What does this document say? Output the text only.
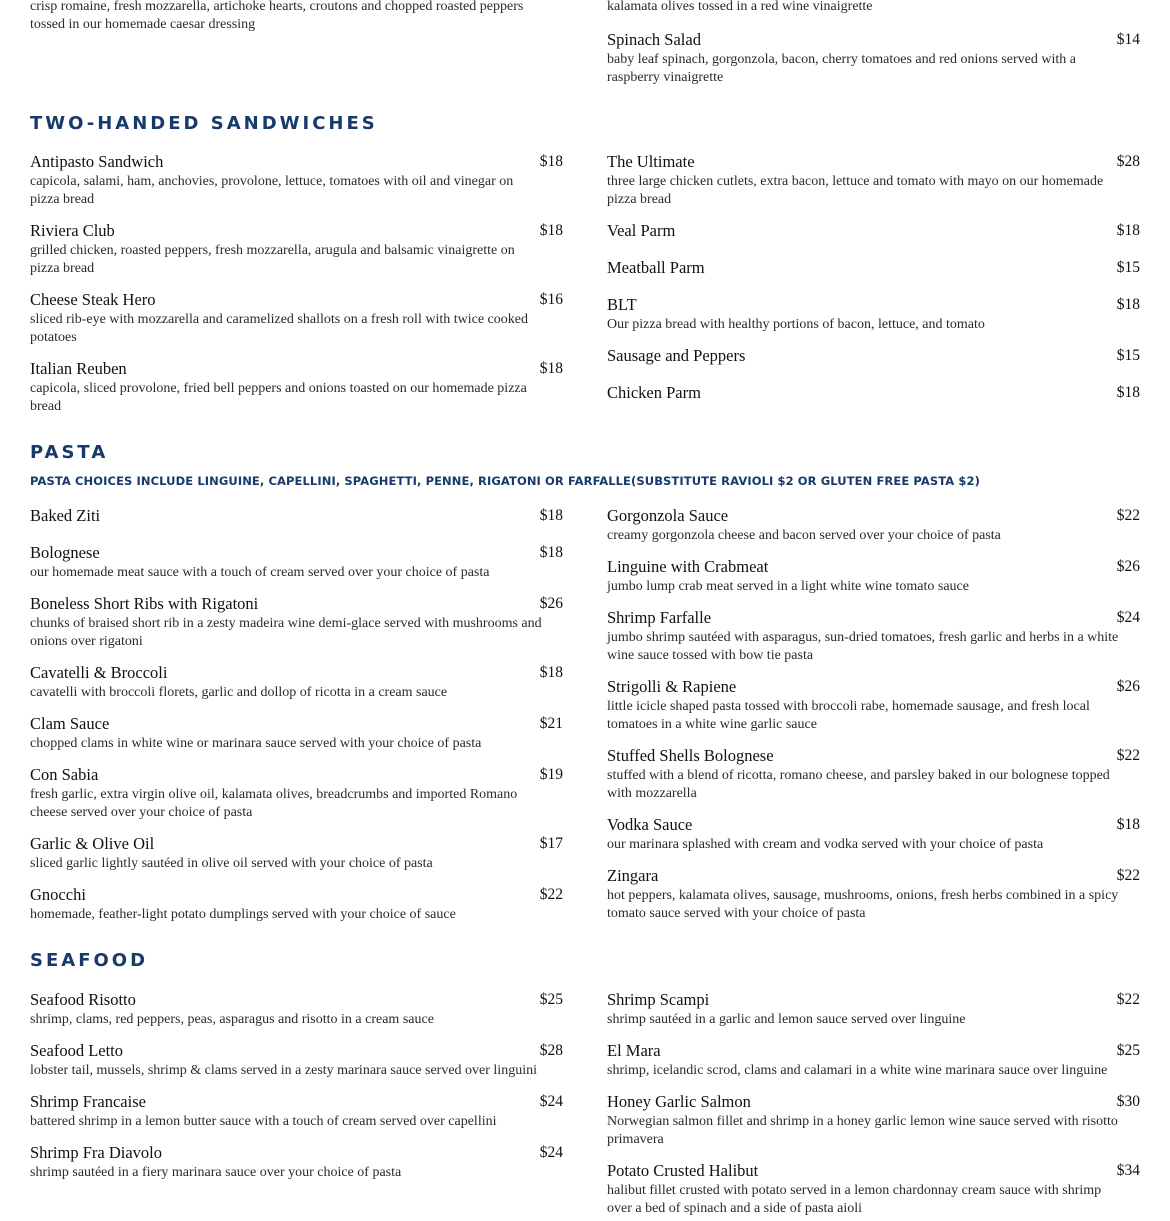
crisp romaine, fresh mozzarella, artichoke hearts, croutons and chopped roasted peppers tossed in our homemade caesar dressing
kalamata olives tossed in a red wine vinaigrette
Spinach Salad	$14
baby leaf spinach, gorgonzola, bacon, cherry tomatoes and red onions served with a raspberry vinaigrette
TWO-HANDED SANDWICHES
Antipasto Sandwich	$18
capicola, salami, ham, anchovies, provolone, lettuce, tomatoes with oil and vinegar on pizza bread
Riviera Club	$18
grilled chicken, roasted peppers, fresh mozzarella, arugula and balsamic vinaigrette on pizza bread
Cheese Steak Hero	$16
sliced rib-eye with mozzarella and caramelized shallots on a fresh roll with twice cooked potatoes
Italian Reuben	$18
capicola, sliced provolone, fried bell peppers and onions toasted on our homemade pizza bread
The Ultimate	$28
three large chicken cutlets, extra bacon, lettuce and tomato with mayo on our homemade pizza bread
Veal Parm	$18
Meatball Parm	$15
BLT	$18
Our pizza bread with healthy portions of bacon, lettuce, and tomato
Sausage and Peppers	$15
Chicken Parm	$18
PASTA
PASTA CHOICES INCLUDE LINGUINE, CAPELLINI, SPAGHETTI, PENNE, RIGATONI OR FARFALLE(SUBSTITUTE RAVIOLI $2 OR GLUTEN FREE PASTA $2)
Baked Ziti	$18
Bolognese	$18
our homemade meat sauce with a touch of cream served over your choice of pasta
Boneless Short Ribs with Rigatoni	$26
chunks of braised short rib in a zesty madeira wine demi-glace served with mushrooms and onions over rigatoni
Cavatelli & Broccoli	$18
cavatelli with broccoli florets, garlic and dollop of ricotta in a cream sauce
Clam Sauce	$21
chopped clams in white wine or marinara sauce served with your choice of pasta
Con Sabia	$19
fresh garlic, extra virgin olive oil, kalamata olives, breadcrumbs and imported Romano cheese served over your choice of pasta
Garlic & Olive Oil	$17
sliced garlic lightly sautéed in olive oil served with your choice of pasta
Gnocchi	$22
homemade, feather-light potato dumplings served with your choice of sauce
Gorgonzola Sauce	$22
creamy gorgonzola cheese and bacon served over your choice of pasta
Linguine with Crabmeat	$26
jumbo lump crab meat served in a light white wine tomato sauce
Shrimp Farfalle	$24
jumbo shrimp sautéed with asparagus, sun-dried tomatoes, fresh garlic and herbs in a white wine sauce tossed with bow tie pasta
Strigolli & Rapiene	$26
little icicle shaped pasta tossed with broccoli rabe, homemade sausage, and fresh local tomatoes in a white wine garlic sauce
Stuffed Shells Bolognese	$22
stuffed with a blend of ricotta, romano cheese, and parsley baked in our bolognese topped with mozzarella
Vodka Sauce	$18
our marinara splashed with cream and vodka served with your choice of pasta
Zingara	$22
hot peppers, kalamata olives, sausage, mushrooms, onions, fresh herbs combined in a spicy tomato sauce served with your choice of pasta
SEAFOOD
Seafood Risotto	$25
shrimp, clams, red peppers, peas, asparagus and risotto in a cream sauce
Seafood Letto	$28
lobster tail, mussels, shrimp & clams served in a zesty marinara sauce served over linguini
Shrimp Francaise	$24
battered shrimp in a lemon butter sauce with a touch of cream served over capellini
Shrimp Fra Diavolo	$24
shrimp sautéed in a fiery marinara sauce over your choice of pasta
Shrimp Scampi	$22
shrimp sautéed in a garlic and lemon sauce served over linguine
El Mara	$25
shrimp, icelandic scrod, clams and calamari in a white wine marinara sauce over linguine
Honey Garlic Salmon	$30
Norwegian salmon fillet and shrimp in a honey garlic lemon wine sauce served with risotto primavera
Potato Crusted Halibut	$34
halibut fillet crusted with potato served in a lemon chardonnay cream sauce with shrimp over a bed of spinach and a side of pasta aioli
